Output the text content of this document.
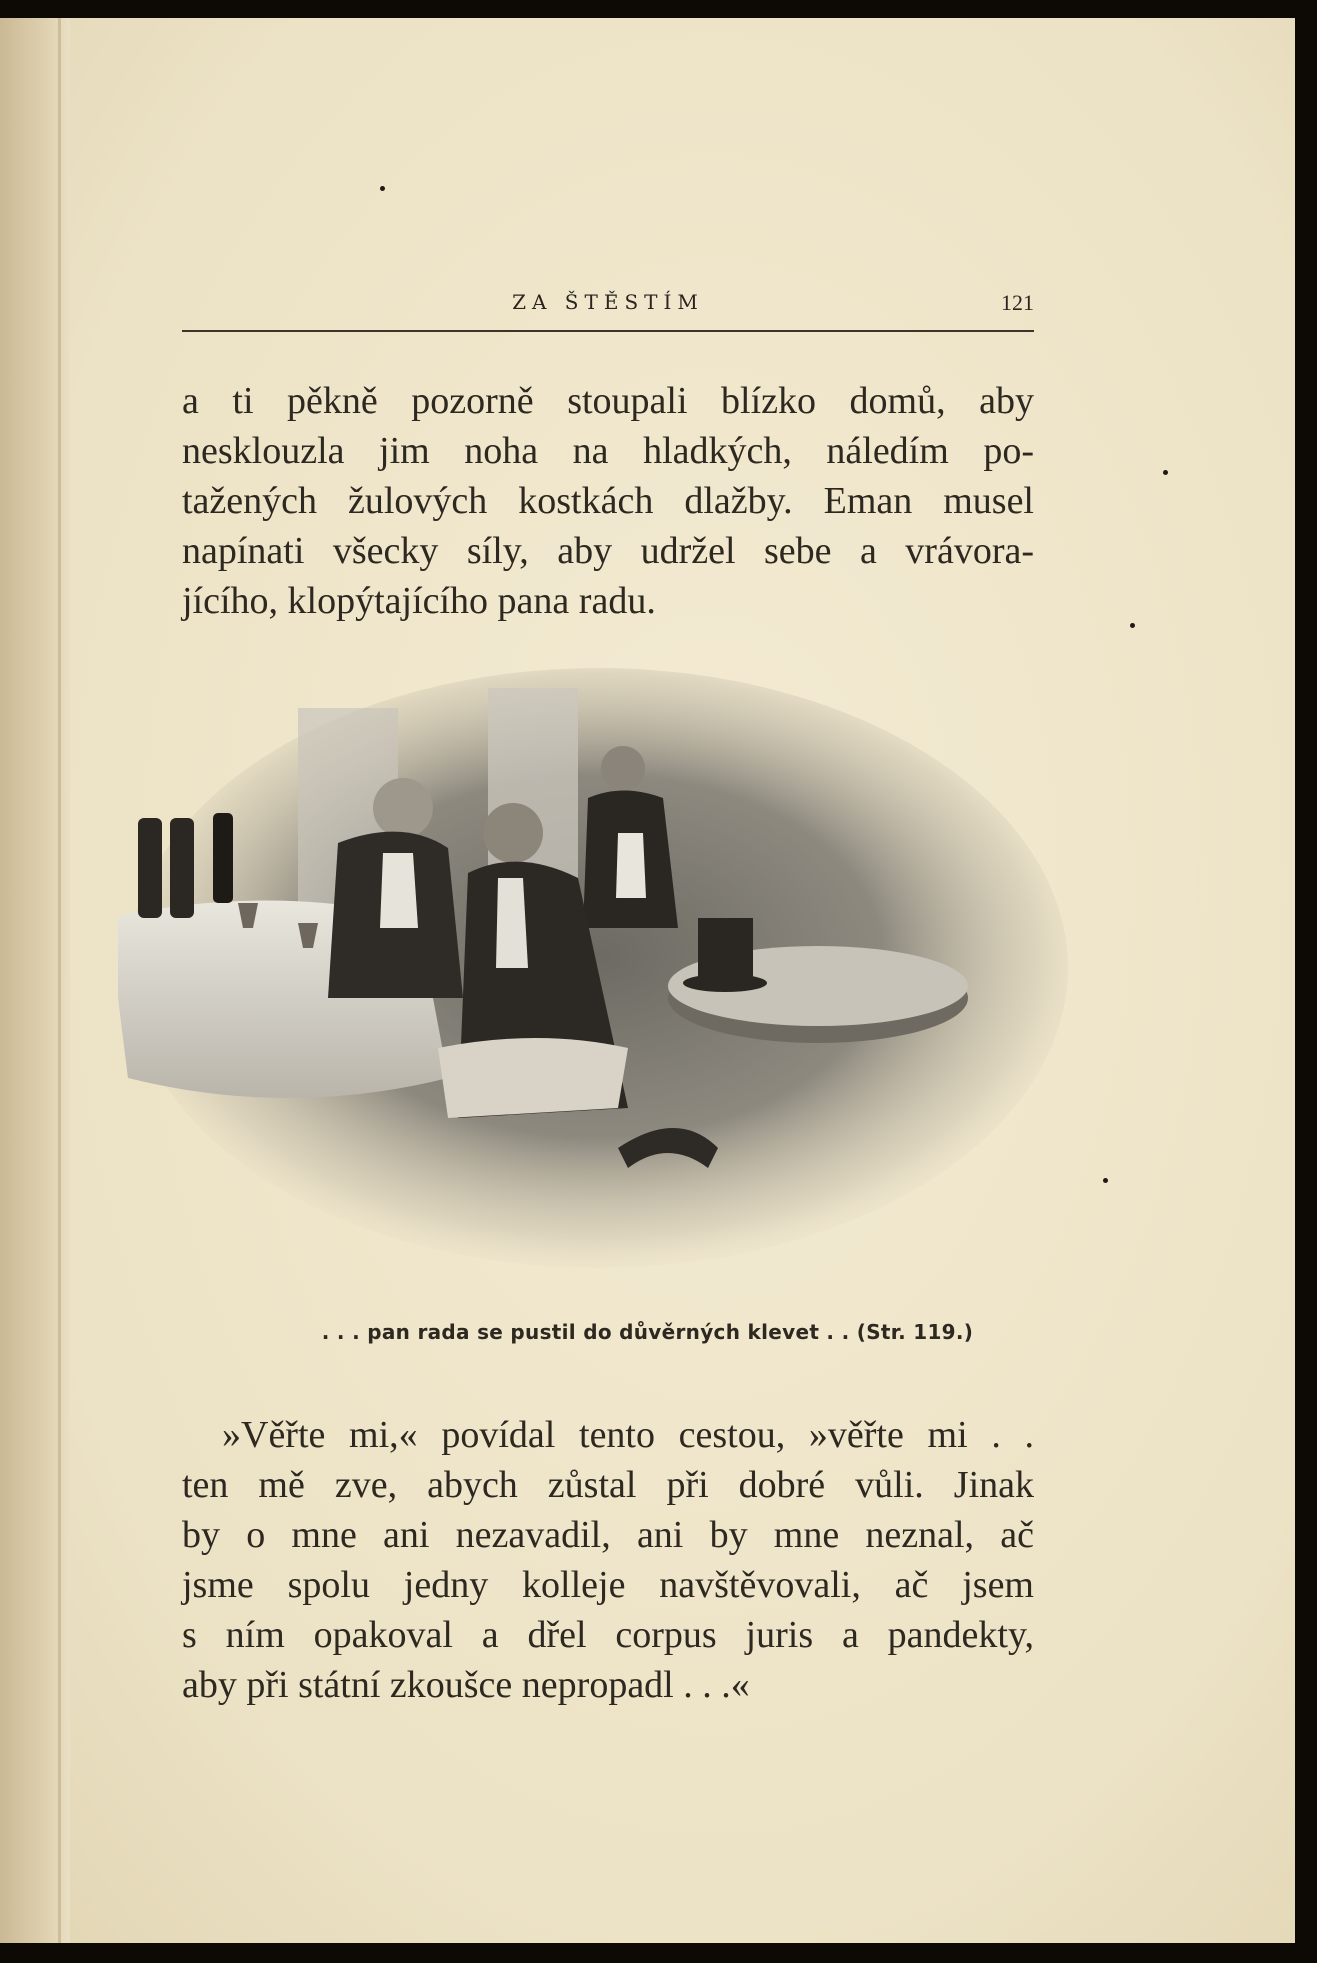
ZA ŠTĚSTÍM	121

a ti pěkně pozorně stoupali blízko domů, aby
nesklouzla jim noha na hladkých, náledím po-
tažených žulových kostkách dlažby. Eman musel
napínati všecky síly, aby udržel sebe a vrávora-
jícího, klopýtajícího pana radu.

. . . pan rada se pustil do důvěrných klevet . . (Str. 119.)

»Věřte mi,« povídal tento cestou, »věřte mi . .
ten mě zve, abych zůstal při dobré vůli. Jinak
by o mne ani nezavadil, ani by mne neznal, ač
jsme spolu jedny kolleje navštěvovali, ač jsem
s ním opakoval a dřel corpus juris a pandekty,
aby při státní zkoušce nepropadl . . .«
